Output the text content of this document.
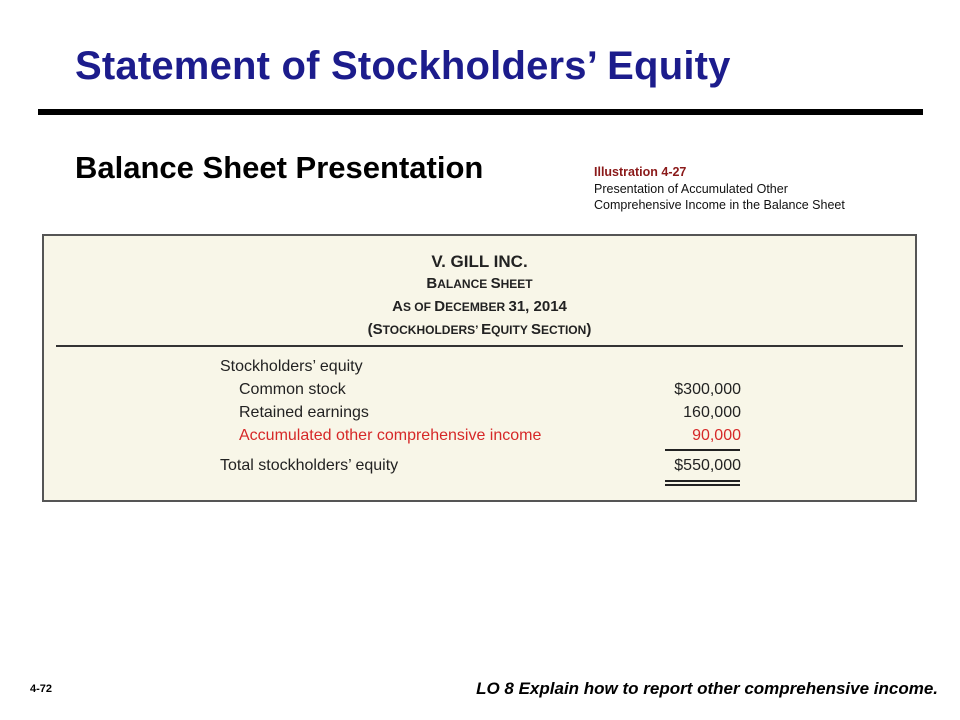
Statement of Stockholders’ Equity
Balance Sheet Presentation	Illustration 4-27
Presentation of Accumulated Other
Comprehensive Income in the Balance Sheet
V. GILL INC.
BALANCE SHEET
AS OF DECEMBER 31, 2014
(STOCKHOLDERS’ EQUITY SECTION)
Stockholders’ equity
Common stock	$300,000
Retained earnings	160,000
Accumulated other comprehensive income	90,000
Total stockholders’ equity	$550,000
4-72	LO 8 Explain how to report other comprehensive income.
